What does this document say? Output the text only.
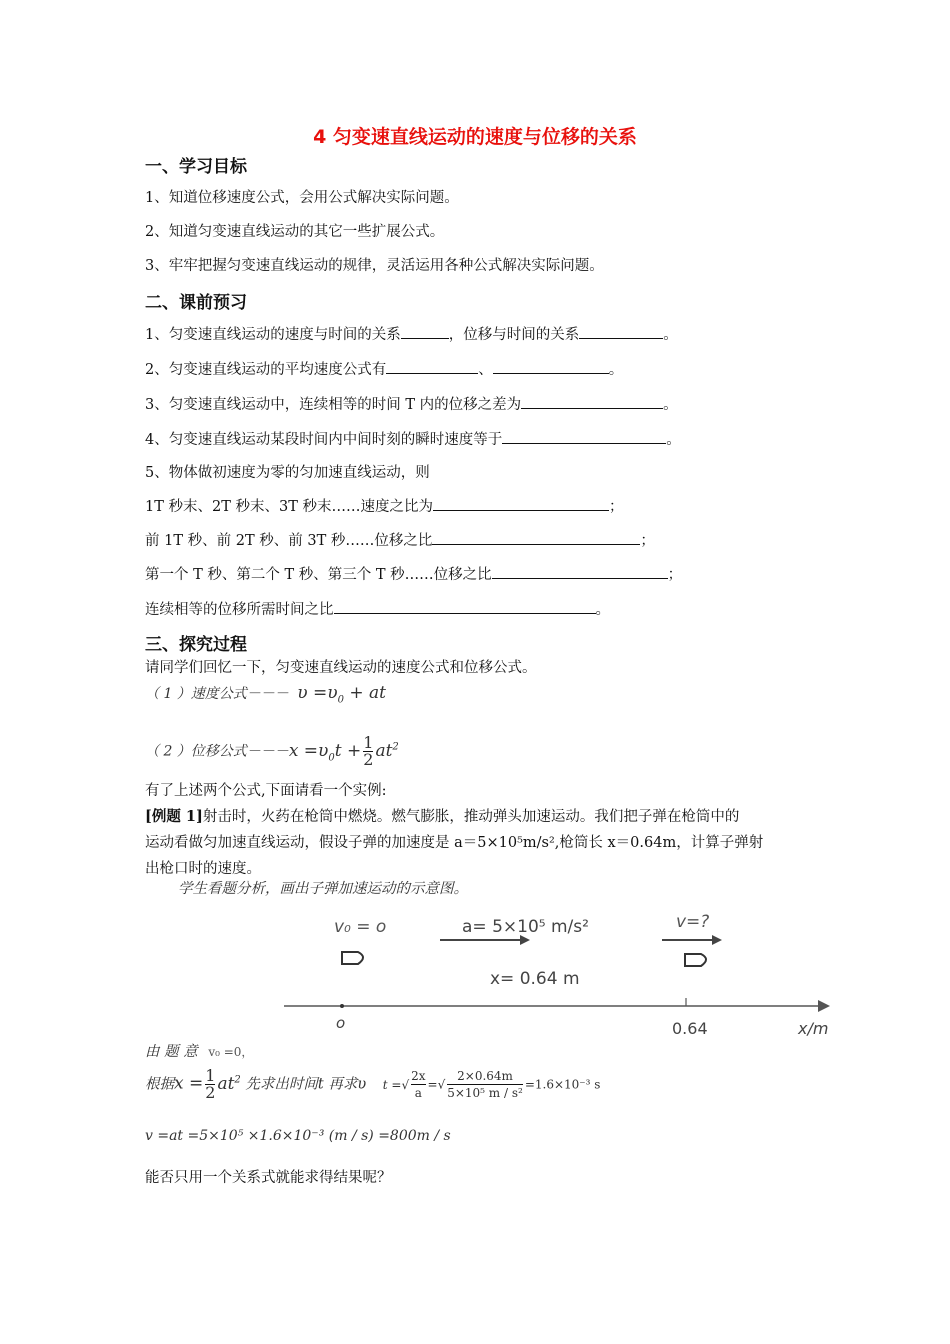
4 匀变速直线运动的速度与位移的关系
一、学习目标
1、知道位移速度公式，会用公式解决实际问题。
2、知道匀变速直线运动的其它一些扩展公式。
3、牢牢把握匀变速直线运动的规律，灵活运用各种公式解决实际问题。
二、课前预习
1、匀变速直线运动的速度与时间的关系	，位移与时间的关系	。
2、匀变速直线运动的平均速度公式有	、	。
3、匀变速直线运动中，连续相等的时间 T 内的位移之差为	。
4、匀变速直线运动某段时间内中间时刻的瞬时速度等于	。
5、物体做初速度为零的匀加速直线运动，则
1T 秒末、2T 秒末、3T 秒末……速度之比为	；
前 1T 秒、前 2T 秒、前 3T 秒……位移之比	；
第一个 T 秒、第二个 T 秒、第三个 T 秒……位移之比	；
连续相等的位移所需时间之比	。
三、探究过程
请同学们回忆一下，匀变速直线运动的速度公式和位移公式。
（ 1 ）速度公式－－－ $\upsilon =\upsilon_0$ + at
（ 2 ）位移公式$---x =\upsilon_0t + \frac{1}{2} at^2$
有了上述两个公式,下面请看一个实例:
[例题 1]射击时，火药在枪筒中燃烧。燃气膨胀，推动弹头加速运动。我们把子弹在枪筒中的
运动看做匀加速直线运动，假设子弹的加速度是 a＝5×10⁵m/s²,枪筒长 x＝0.64m，计算子弹射
出枪口时的速度。
学生看题分析，画出子弹加速运动的示意图。
v₀ = o	a= 5×10⁵ m/s²
x= 0.64 m
v=?
o	0.64	x/m
由 题 意 v₀ =0，
根据$x = \frac{1}{2} at^2$ 先求出时间t 再求υ t =√ $\frac{2x}{a}$ =√ $\frac{2\times 0.64m}{\text{5×10⁵ m / s²}} =1.6\times 10^{-3}$ s
v =at =5×10⁵ ×1.6×10⁻³ (m / s) =800m / s
能否只用一个关系式就能求得结果呢？
